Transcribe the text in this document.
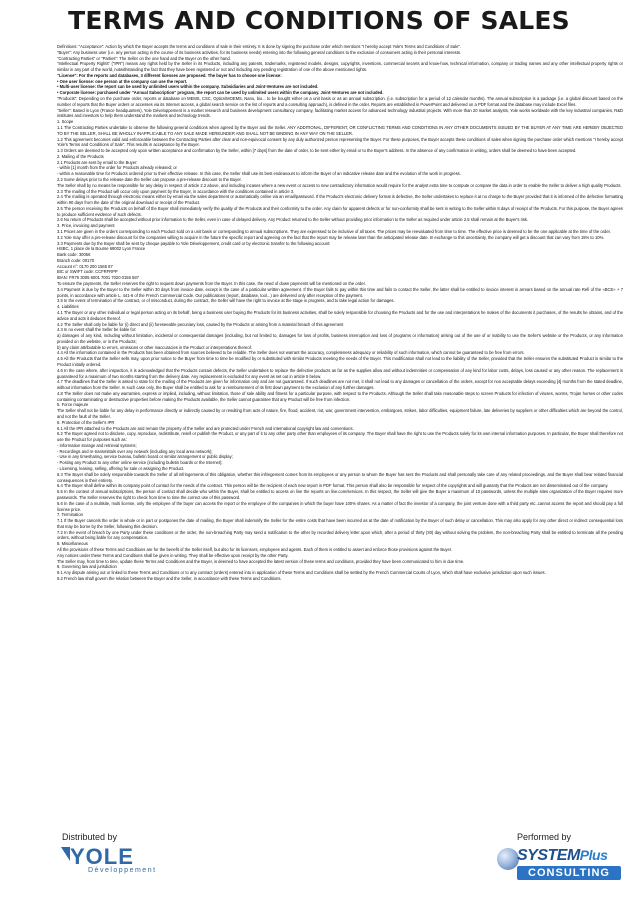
TERMS AND CONDITIONS OF SALES

Definitions: "Acceptance": Action by which the Buyer accepts the terms and conditions of sale in their entirety. It is done by signing the purchase order which mentions "I hereby accept Yole's Terms and Conditions of Sale".

"Buyer": Any business user (i.e. any person acting in the course of its business activities, for its business needs) entering into the following general conditions to the exclusion of consumers acting in their personal interests.

"Contracting Parties" or "Parties": The Seller on the one hand and the Buyer on the other hand.

"Intellectual Property Rights" ("IPR") means any rights held by the Seller in its Products, including any patents, trademarks, registered models, designs, copyrights, inventions, commercial secrets and know-how, technical information, company or trading names and any other intellectual property rights or similar in any part of the world, notwithstanding the fact that they have been registered or not and including any pending registration of one of the above mentioned rights.

"License": For the reports and databases, 3 different licenses are proposed. The buyer has to choose one license:

• One user license: one person at the company can use the report.

• Multi-user license: the report can be used by unlimited users within the company. Subsidiaries and Joint-Ventures are not included.

• Corporate license: purchased under "Annual Subscription" program, the report can be used by unlimited users within the company. Joint-Ventures are not included.

"Products": Depending on the purchase order, reports or database on MEMS, CSC, Optics/MOEMS, Nano, bio... to be bought either on a unit basis or as an annual subscription. (i.e. subscription for a period of 12 calendar months). The annual subscription is a package (i.e. a global discount based on the number of reports that the Buyer orders or accesses via its Internet access, a global search service on the list of reports and a consulting approach), is defined in the order. Reports are established in PowerPoint and delivered on a PDF format and the database may include Excel files.

"Seller": Based in Lyon (France headquarters), Yole Développement is a market research and business development consultancy company, facilitating market access for advanced technology industrial projects. With more than 20 market analysts, Yole works worldwide with the key industrial companies, R&D institutes and investors to help them understand the markets and technology trends.

1. Scope

1.1 The Contracting Parties undertake to observe the following general conditions when agreed by the Buyer and the Seller. ANY ADDITIONAL, DIFFERENT, OR CONFLICTING TERMS AND CONDITIONS IN ANY OTHER DOCUMENTS ISSUED BY THE BUYER AT ANY TIME ARE HEREBY OBJECTED TO BY THE SELLER, SHALL BE WHOLLY INAPPLICABLE TO ANY SALE MADE HEREUNDER AND SHALL NOT BE BINDING IN ANY WAY ON THE SELLER.

1.2 This agreement becomes valid and enforceable between the Contracting Parties after clear and non-equivocal consent by any duly authorized person representing the Buyer. For these purposes, the Buyer accepts these conditions of sales when signing the purchase order which mentions "I hereby accept Yole's Terms and Conditions of Sale". This results in acceptance by the Buyer.

1.3 Orders are deemed to be accepted only upon written acceptance and confirmation by the Seller, within [7 days] from the date of order, to be sent either by email or to the Buyer's address. In the absence of any confirmation in writing, orders shall be deemed to have been accepted.

2. Mailing of the Products

2.1 Products are sent by email to the Buyer:

- within [1] month from the order for Products already released; or

- within a reasonable time for Products ordered prior to their effective release. In this case, the Seller shall use its best endeavours to inform the Buyer of an indicative release date and the evolution of the work in progress.

2.2 Some delays prior to the release date the Seller can propose a pre-release discount to the Buyer.

The Seller shall by no means be responsible for any delay in respect of article 2.2 above, and including incases where a new event or access to new contradictory information would require for the analyst extra time to compute or compare the data in order to enable the Seller to deliver a high quality Products.

2.3 The mailing of the Product will occur only upon payment by the Buyer, in accordance with the conditions contained in article 3.

2.4 The mailing is operated through electronic means either by email via the sales department or automatically online via an email/password. If the Product's electronic delivery format is defective, the Seller undertakes to replace it at no charge to the Buyer provided that it is informed of the defective formatting within 90 days from the date of the original download or receipt of the Product.

2.5 The person receiving the Products on behalf of the Buyer shall immediately verify the quality of the Products and their conformity to the order. Any claim for apparent defects or for non-conformity shall be sent in writing to the Seller within 8 days of receipt of the Products. For this purpose, the Buyer agrees to produce sufficient evidence of such defects.

2.6 No return of Products shall be accepted without prior information to the Seller, even in case of delayed delivery. Any Product returned to the Seller without providing prior information to the Seller as required under article 2.5 shall remain at the Buyer's risk.

3. Price, invoicing and payment

3.1 Prices are given in the orders corresponding to each Product sold on a unit basis or corresponding to annual subscriptions. They are expressed to be inclusive of all taxes. The prices may be reevaluated from time to time. The effective price is deemed to be the one applicable at the time of the order.

3.2 Yole may offer a pre-release discount for the companies willing to acquire in the future the specific report and agreeing on the fact that the report may be release later than the anticipated release date. In exchange to this uncertainty, the company will get a discount that can vary from 15% to 10%.

3.3 Payments due by the Buyer shall be sent by cheque payable to Yole Développement, credit card or by electronic transfer to the following account:

HSBC, 1 place de la Bourse 69002 Lyon France

Bank code: 30056

Branch code: 00170

Account n°: 0170 200 1565 87

BIC or SWIFT code: CCFRFRPP

IBAN: FR76 3005 6001 7001 7020 0156 587

To ensure the payments, the Seller reserves the right to request down payments from the Buyer. In this case, the need of down payments will be mentioned on the order.

3.4 Payment is due by the Buyer to the Seller within 30 days from invoice date, except in the case of a particular written agreement. If the Buyer fails to pay within this time and fails to contact the Seller, the latter shall be entitled to invoice interest in arrears based on the annual rate Refi of the «BCE» + 7 points, in accordance with article L. 441-6 of the French Commercial Code. Our publications (report, database, tool...) are delivered only after reception of the payment.

3.5 In the event of termination of the contract, or of misconduct, during the contract, the Seller will have the right to invoice at the stage in progress, and to take legal action for damages.

4. Liabilities

4.1 The Buyer or any other individual or legal person acting on its behalf, being a business user buying the Products for its business activities, shall be solely responsible for choosing the Products and for the use and interpretations he makes of the documents it purchases, of the results he obtains, and of the advice and acts it deduces thereof.

4.2 The Seller shall only be liable for (i) direct and (ii) foreseeable pecuniary loss, caused by the Products or arising from a material breach of this agreement

4.3 In no event shall the Seller be liable for:

a) damages of any kind, including without limitation, incidental or consequential damages (including, but not limited to, damages for loss of profits, business interruption and loss of programs or information) arising out of the use of or inability to use the Seller's website or the Products, or any information provided on the website, or in the Products;

b) any claim attributable to errors, omissions or other inaccuracies in the Product or interpretations thereof.

4.4 All the information contained in the Products has been obtained from sources believed to be reliable. The Seller does not warrant the accuracy, completeness adequacy or reliability of such information, which cannot be guaranteed to be free from errors.

4.5 All the Products that the Seller sells may, upon prior notice to the Buyer from time to time be modified by or substituted with similar Products meeting the needs of the Buyer. This modification shall not lead to the liability of the Seller, provided that the Seller ensures the substituted Product is similar to the Product initially ordered.

4.6 In the case where, after inspection, it is acknowledged that the Products contain defects, the Seller undertakes to replace the defective products as far as the supplies allow and without indemnities or compensation of any kind for labor costs, delays, loss caused or any other reason. The replacement is guaranteed for a maximum of two months starting from the delivery date. Any replacement is excluded for any event as set out in article 5 below.

4.7 The deadlines that the Seller is asked to state for the mailing of the Products are given for information only and are not guaranteed. If such deadlines are not met, it shall not lead to any damages or cancellation of the orders, except for non acceptable delays exceeding [4] months from the stated deadline, without information from the Seller. In such case only, the Buyer shall be entitled to ask for a reimbursement of its first down payment to the exclusion of any further damages.

4.8 The Seller does not make any warranties, express or implied, including, without limitation, those of sale ability and fitness for a particular purpose, with respect to the Products. Although the Seller shall take reasonable steps to screen Products for infection of viruses, worms, Trojan horses or other codes containing contaminating or destructive properties before making the Products available, the Seller cannot guarantee that any Product will be free from infection.

5. Force majeure

The Seller shall not be liable for any delay in performance directly or indirectly caused by or resulting from acts of nature, fire, flood, accident, riot, war, government intervention, embargoes, strikes, labor difficulties, equipment failure, late deliveries by suppliers or other difficulties which are beyond the control, and not the fault of the Seller.

6. Protection of the Seller's IPR

6.1 All the IPR attached to the Products are and remain the property of the Seller and are protected under French and international copyright law and conventions.

6.2 The Buyer agreed not to disclose, copy, reproduce, redistribute, resell or publish the Product, or any part of it to any other party other than employees of its company. The Buyer shall have the right to use the Products solely for its own internal information purposes. In particular, the Buyer shall therefore not use the Product for purposes such as:

- Information storage and retrieval systems;

- Recordings and re-transmittals over any network (including any local area network);

- Use in any timesharing, service bureau, bulletin board or similar arrangement or public display;

- Posting any Product to any other online service (including bulletin boards or the Internet);

- Licensing, leasing, selling, offering for sale or assigning the Product.

6.3 The Buyer shall be solely responsible towards the Seller of all infringements of this obligation, whether this infringement comes from its employees or any person to whom the Buyer has sent the Products and shall personally take care of any related proceedings, and the Buyer shall bear related financial consequences in their entirety.

6.4 The Buyer shall define within its company point of contact for the needs of the contract. This person will be the recipient of each new report in PDF format. This person shall also be responsible for respect of the copyrights and will guaranty that the Products are not disseminated out of the company.

6.5 In the context of annual subscriptions, the person of contact shall decide who within the Buyer, shall be entitled to access on line the reports on line.com/services. In this respect, the Seller will give the Buyer a maximum of 10 passwords, unless the multiple sites organization of the Buyer requires more passwords. The Seller reserves the right to check from time to time the correct use of this password.

6.6 In the case of a multisite, multi license, only the employee of the buyer can access the report or the employee of the companies in which the buyer have 100% shares. As a matter of fact the investor of a company, the joint venture done with a third party etc..cannot access the report and should pay a full license price.

7. Termination

7.1 If the Buyer cancels the order in whole or in part or postpones the date of mailing, the Buyer shall indemnify the Seller for the entire costs that have been incurred as at the date of notification by the Buyer of such delay or cancellation. This may also apply for any other direct or indirect consequential loss that may be borne by the Seller, following this decision.

7.2 In the event of breach by one Party under these conditions or the order, the non-breaching Party may send a notification to the other by recorded delivery letter upon which, after a period of thirty (30) day without solving the problem, the non-breaching Party shall be entitled to terminate all the pending orders, without being liable for any compensation.

8. Miscellaneous

All the provisions of these Terms and Conditions are for the benefit of the Seller itself, but also for its licensors, employees and agents. Each of them is entitled to assert and enforce those provisions against the Buyer.

Any notices under these Terms and Conditions shall be given in writing. They shall be effective upon receipt by the other Party.

The Seller may, from time to time, update these Terms and Conditions and the Buyer, is deemed to have accepted the latest version of these terms and conditions, provided they have been communicated to him in due time.

9. Governing law and jurisdiction

9.1 Any dispute arising out or linked to these Terms and Conditions or to any contract (orders) entered into in application of these Terms and Conditions shall be settled by the French Commercial Courts of Lyon, which shall have exclusive jurisdiction upon such issues.

9.2 French law shall govern the relation between the Buyer and the Seller, in accordance with these Terms and Conditions.

Distributed by
YOLE
Développement
Performed by
SYSTEMPlus
CONSULTING
